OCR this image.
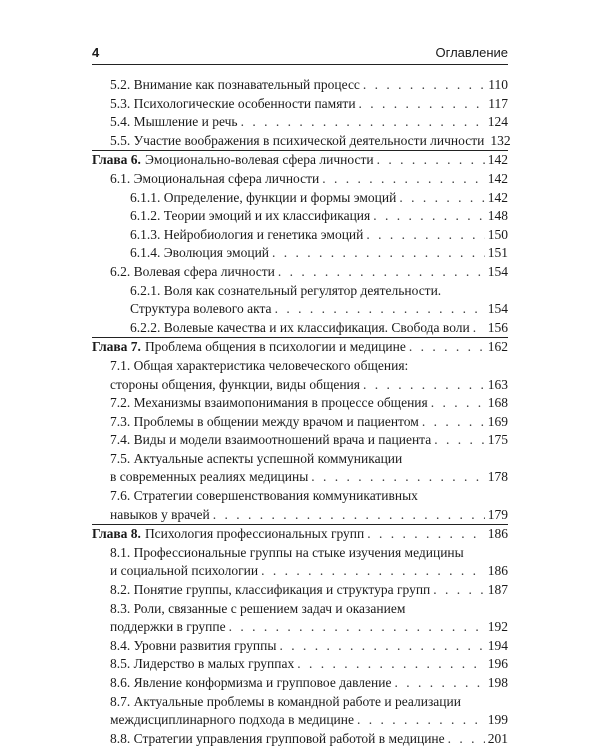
4	Оглавление
5.2. Внимание как познавательный процесс . . .	110
5.3. Психологические особенности памяти . . .	117
5.4. Мышление и речь . . .	124
5.5. Участие воображения в психической деятельности личности 132
Глава 6. Эмоционально-волевая сфера личности . . .	142
6.1. Эмоциональная сфера личности . . .	142
6.1.1. Определение, функции и формы эмоций . . .	142
6.1.2. Теории эмоций и их классификация . . .	148
6.1.3. Нейробиология и генетика эмоций . . .	150
6.1.4. Эволюция эмоций . . .	151
6.2. Волевая сфера личности . . .	154
6.2.1. Воля как сознательный регулятор деятельности.
Структура волевого акта . . .	154
6.2.2. Волевые качества и их классификация. Свобода воли . . . 156
Глава 7. Проблема общения в психологии и медицине . . .	162
7.1. Общая характеристика человеческого общения:
стороны общения, функции, виды общения . . .	163
7.2. Механизмы взаимопонимания в процессе общения . . .	168
7.3. Проблемы в общении между врачом и пациентом . . .	169
7.4. Виды и модели взаимоотношений врача и пациента . . .	175
7.5. Актуальные аспекты успешной коммуникации
в современных реалиях медицины . . .	178
7.6. Стратегии совершенствования коммуникативных
навыков у врачей . . .	179
Глава 8. Психология профессиональных групп . . .	186
8.1. Профессиональные группы на стыке изучения медицины
и социальной психологии . . .	186
8.2. Понятие группы, классификация и структура групп . . .	187
8.3. Роли, связанные с решением задач и оказанием
поддержки в группе . . .	192
8.4. Уровни развития группы . . .	194
8.5. Лидерство в малых группах . . .	196
8.6. Явление конформизма и групповое давление . . .	198
8.7. Актуальные проблемы в командной работе и реализации
междисциплинарного подхода в медицине . . .	199
8.8. Стратегии управления групповой работой в медицине . . .	201
